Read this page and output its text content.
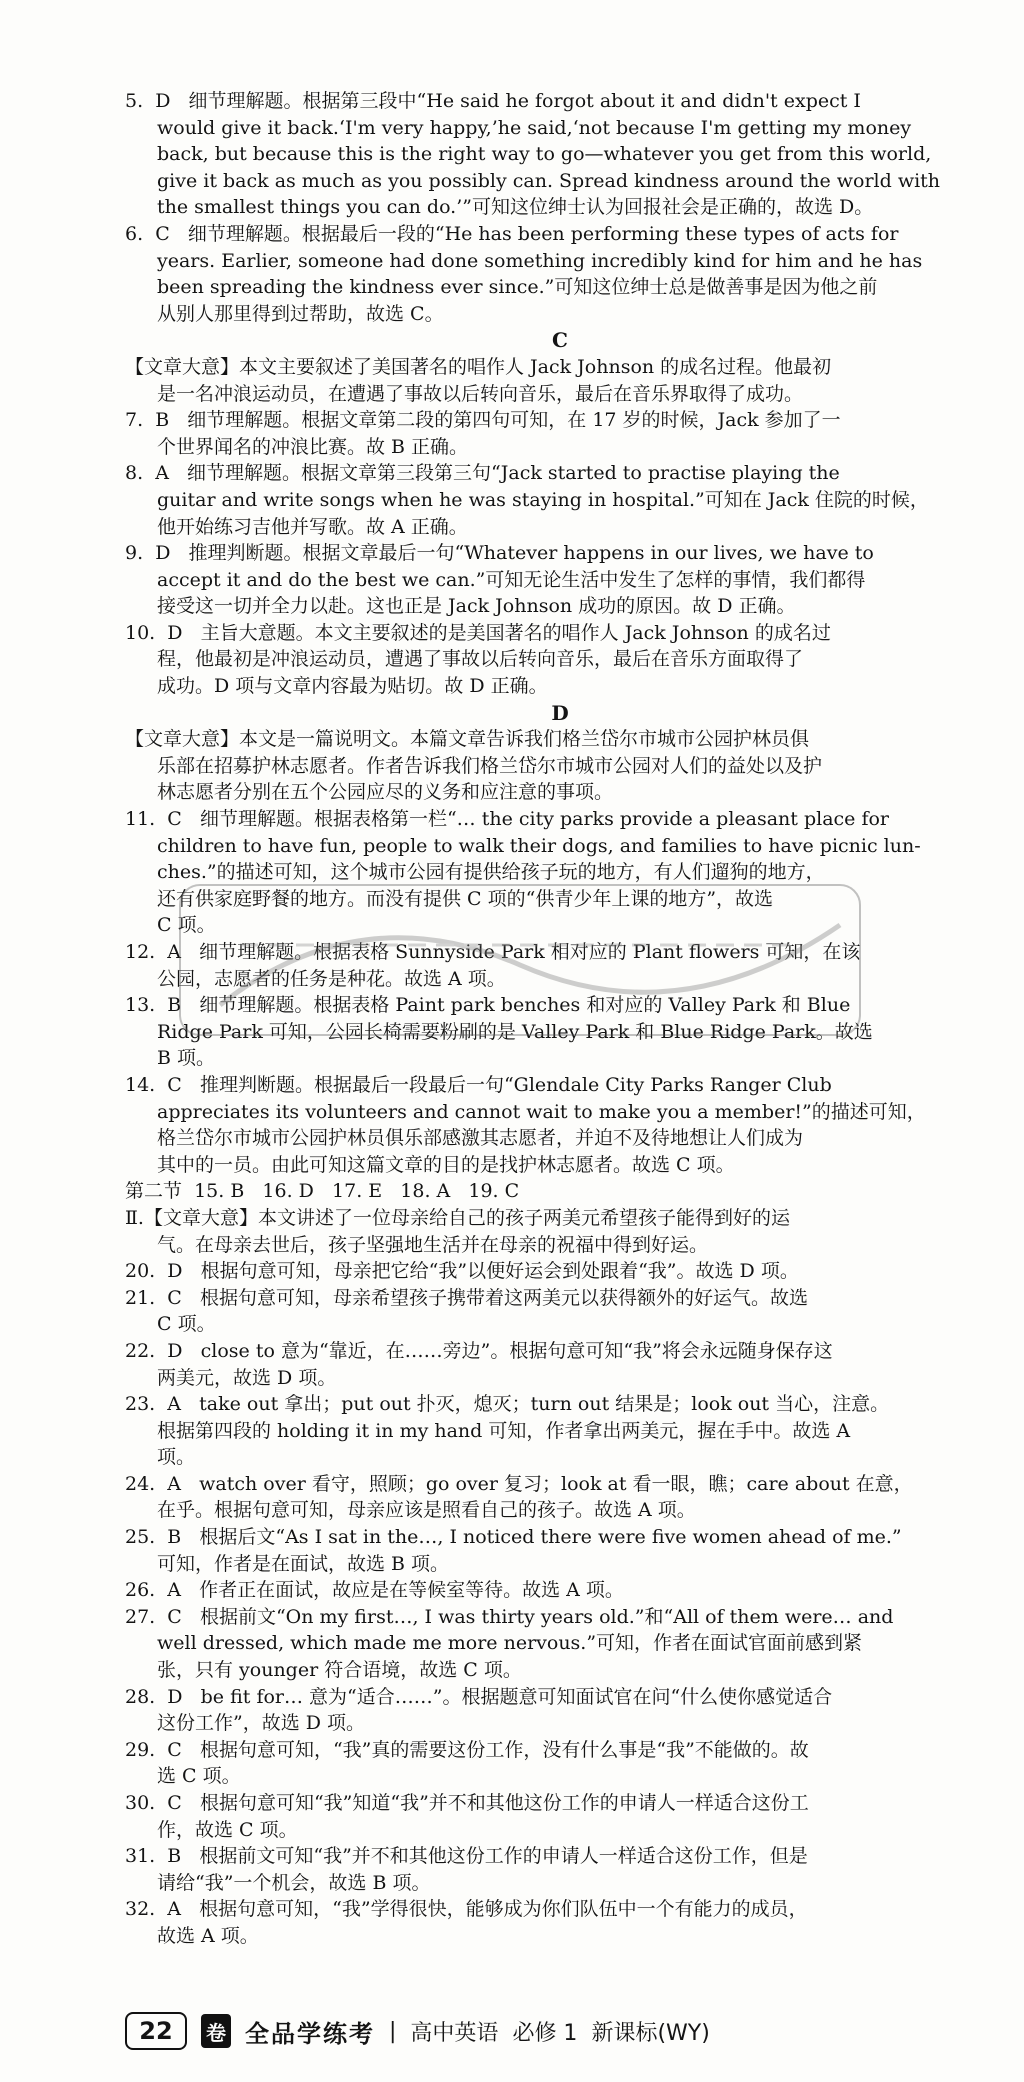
5.  D   细节理解题。根据第三段中“He said he forgot about it and didn't expect I
would give it back.‘I'm very happy,’he said,‘not because I'm getting my money
back, but because this is the right way to go—whatever you get from this world,
give it back as much as you possibly can. Spread kindness around the world with
the smallest things you can do.’”可知这位绅士认为回报社会是正确的，故选 D。
6.  C   细节理解题。根据最后一段的“He has been performing these types of acts for
years. Earlier, someone had done something incredibly kind for him and he has
been spreading the kindness ever since.”可知这位绅士总是做善事是因为他之前
从别人那里得到过帮助，故选 C。
C
【文章大意】本文主要叙述了美国著名的唱作人 Jack Johnson 的成名过程。他最初
是一名冲浪运动员，在遭遇了事故以后转向音乐，最后在音乐界取得了成功。
7.  B   细节理解题。根据文章第二段的第四句可知，在 17 岁的时候，Jack 参加了一
个世界闻名的冲浪比赛。故 B 正确。
8.  A   细节理解题。根据文章第三段第三句“Jack started to practise playing the
guitar and write songs when he was staying in hospital.”可知在 Jack 住院的时候，
他开始练习吉他并写歌。故 A 正确。
9.  D   推理判断题。根据文章最后一句“Whatever happens in our lives, we have to
accept it and do the best we can.”可知无论生活中发生了怎样的事情，我们都得
接受这一切并全力以赴。这也正是 Jack Johnson 成功的原因。故 D 正确。
10.  D   主旨大意题。本文主要叙述的是美国著名的唱作人 Jack Johnson 的成名过
程，他最初是冲浪运动员，遭遇了事故以后转向音乐，最后在音乐方面取得了
成功。D 项与文章内容最为贴切。故 D 正确。
D
【文章大意】本文是一篇说明文。本篇文章告诉我们格兰岱尔市城市公园护林员俱
乐部在招募护林志愿者。作者告诉我们格兰岱尔市城市公园对人们的益处以及护
林志愿者分别在五个公园应尽的义务和应注意的事项。
11.  C   细节理解题。根据表格第一栏“… the city parks provide a pleasant place for
children to have fun, people to walk their dogs, and families to have picnic lun-
ches.”的描述可知，这个城市公园有提供给孩子玩的地方，有人们遛狗的地方，
还有供家庭野餐的地方。而没有提供 C 项的“供青少年上课的地方”，故选
C 项。
12.  A   细节理解题。根据表格 Sunnyside Park 相对应的 Plant flowers 可知，在该
公园，志愿者的任务是种花。故选 A 项。
13.  B   细节理解题。根据表格 Paint park benches 和对应的 Valley Park 和 Blue
Ridge Park 可知，公园长椅需要粉刷的是 Valley Park 和 Blue Ridge Park。故选
B 项。
14.  C   推理判断题。根据最后一段最后一句“Glendale City Parks Ranger Club
appreciates its volunteers and cannot wait to make you a member!”的描述可知，
格兰岱尔市城市公园护林员俱乐部感激其志愿者，并迫不及待地想让人们成为
其中的一员。由此可知这篇文章的目的是找护林志愿者。故选 C 项。
第二节  15. B   16. D   17. E   18. A   19. C
Ⅱ.【文章大意】本文讲述了一位母亲给自己的孩子两美元希望孩子能得到好的运
气。在母亲去世后，孩子坚强地生活并在母亲的祝福中得到好运。
20.  D   根据句意可知，母亲把它给“我”以便好运会到处跟着“我”。故选 D 项。
21.  C   根据句意可知，母亲希望孩子携带着这两美元以获得额外的好运气。故选
C 项。
22.  D   close to 意为“靠近，在……旁边”。根据句意可知“我”将会永远随身保存这
两美元，故选 D 项。
23.  A   take out 拿出；put out 扑灭，熄灭；turn out 结果是；look out 当心，注意。
根据第四段的 holding it in my hand 可知，作者拿出两美元，握在手中。故选 A
项。
24.  A   watch over 看守，照顾；go over 复习；look at 看一眼，瞧；care about 在意，
在乎。根据句意可知，母亲应该是照看自己的孩子。故选 A 项。
25.  B   根据后文“As I sat in the…, I noticed there were five women ahead of me.”
可知，作者是在面试，故选 B 项。
26.  A   作者正在面试，故应是在等候室等待。故选 A 项。
27.  C   根据前文“On my first…, I was thirty years old.”和“All of them were… and
well dressed, which made me more nervous.”可知，作者在面试官面前感到紧
张，只有 younger 符合语境，故选 C 项。
28.  D   be fit for… 意为“适合……”。根据题意可知面试官在问“什么使你感觉适合
这份工作”，故选 D 项。
29.  C   根据句意可知，“我”真的需要这份工作，没有什么事是“我”不能做的。故
选 C 项。
30.  C   根据句意可知“我”知道“我”并不和其他这份工作的申请人一样适合这份工
作，故选 C 项。
31.  B   根据前文可知“我”并不和其他这份工作的申请人一样适合这份工作，但是
请给“我”一个机会，故选 B 项。
32.  A   根据句意可知，“我”学得很快，能够成为你们队伍中一个有能力的成员，
故选 A 项。
22	卷 全品学练考 | 高中英语 必修 1 新课标(WY)
